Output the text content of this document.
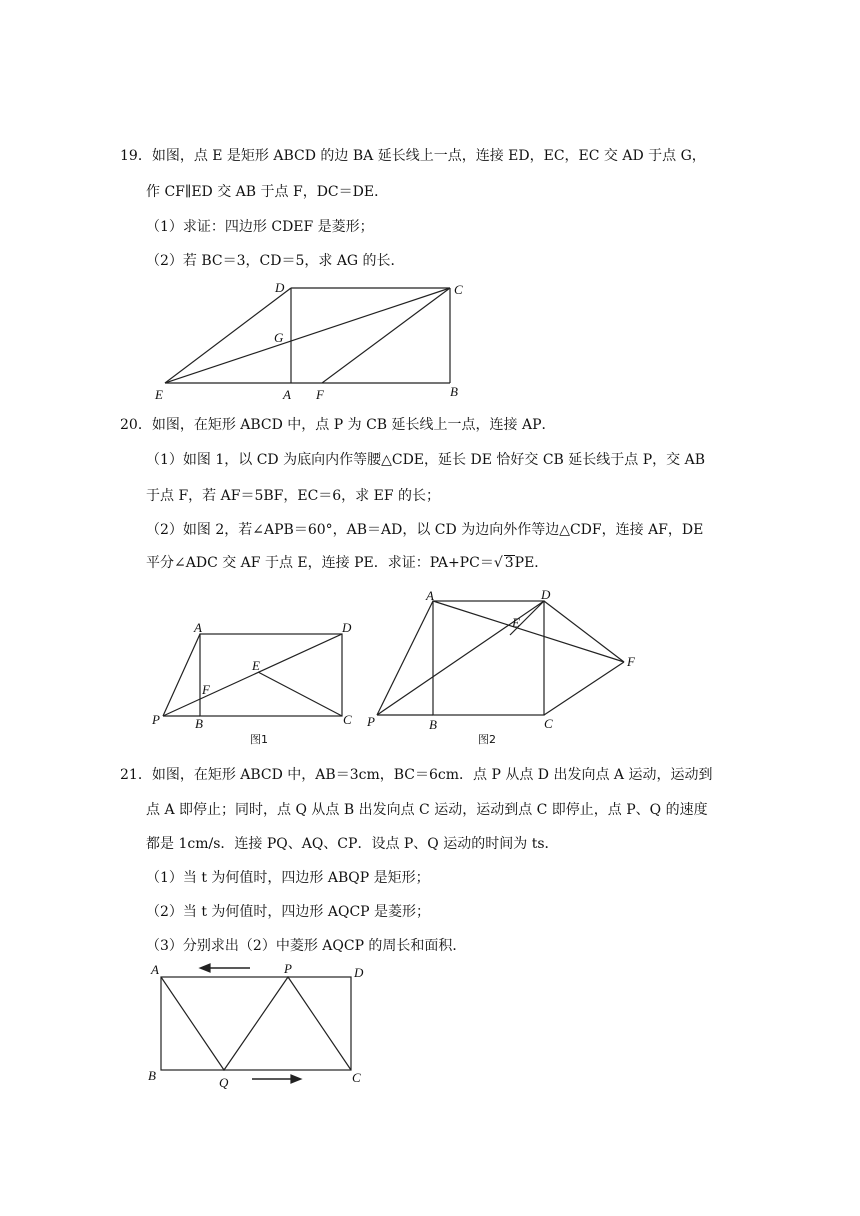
19．如图，点 E 是矩形 ABCD 的边 BA 延长线上一点，连接 ED，EC，EC 交 AD 于点 G，
作 CF∥ED 交 AB 于点 F，DC＝DE．
（1）求证：四边形 CDEF 是菱形；
（2）若 BC＝3，CD＝5，求 AG 的长．
D	C
G
E	A F	B
20．如图，在矩形 ABCD 中，点 P 为 CB 延长线上一点，连接 AP．
（1）如图 1，以 CD 为底向内作等腰△CDE，延长 DE 恰好交 CB 延长线于点 P，交 AB
于点 F，若 AF＝5BF，EC＝6，求 EF 的长；
（2）如图 2，若∠APB＝60°，AB＝AD，以 CD 为边向外作等边△CDF，连接 AF，DE
平分∠ADC 交 AF 于点 E，连接 PE．求证：PA+PC＝√ 3PE．
A	D
E
F
P	B	C
图1
A	D
E
F
P	B	C
图2
21．如图，在矩形 ABCD 中，AB＝3cm，BC＝6cm．点 P 从点 D 出发向点 A 运动，运动到
点 A 即停止；同时，点 Q 从点 B 出发向点 C 运动，运动到点 C 即停止，点 P、Q 的速度
都是 1cm/s．连接 PQ、AQ、CP．设点 P、Q 运动的时间为 ts．
（1）当 t 为何值时，四边形 ABQP 是矩形；
（2）当 t 为何值时，四边形 AQCP 是菱形；
（3）分别求出（2）中菱形 AQCP 的周长和面积．
A	P	D
B	Q	C
